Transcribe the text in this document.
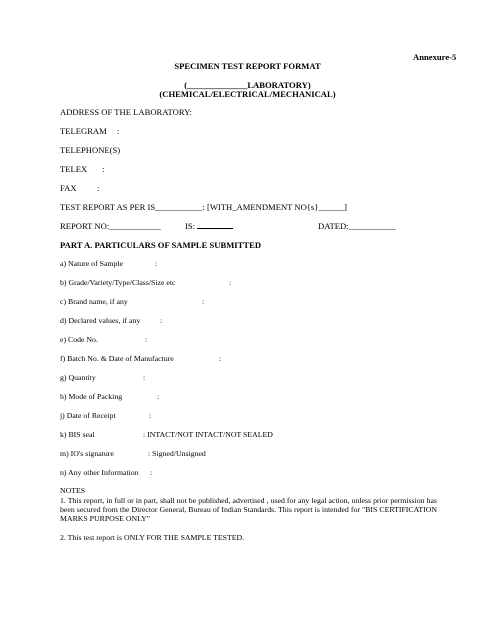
Annexure-5
SPECIMEN TEST REPORT FORMAT
(______________LABORATORY)
(CHEMICAL/ELECTRICAL/MECHANICAL)
ADDRESS OF THE LABORATORY:
TELEGRAM :
TELEPHONE(S)
TELEX :
FAX :
TEST REPORT AS PER IS___________: [WITH_AMENDMENT NO{s}______]
REPORT NO:____________	IS:	DATED:___________
PART A. PARTICULARS OF SAMPLE SUBMITTED
a) Nature of Sample	:
b) Grade/Variety/Type/Class/Size etc	:
c) Brand name, if any	:
d) Declared values, if any	:
e) Code No.	:
f) Batch No. & Date of Manufacture	:
g) Quantity	:
h) Mode of Packing	:
j) Date of Receipt	:
k) BIS seal	: INTACT/NOT INTACT/NOT SEALED
m) IO's signature	: Signed/Unsigned
n) Any other Information :
NOTES
1. This report, in full or in part, shall not be published, advertised , used for any legal action, unless prior permission has been secured from the Director General, Bureau of Indian Standards. This report is intended for "BIS CERTIFICATION MARKS PURPOSE ONLY"
2. This test report is ONLY FOR THE SAMPLE TESTED.
